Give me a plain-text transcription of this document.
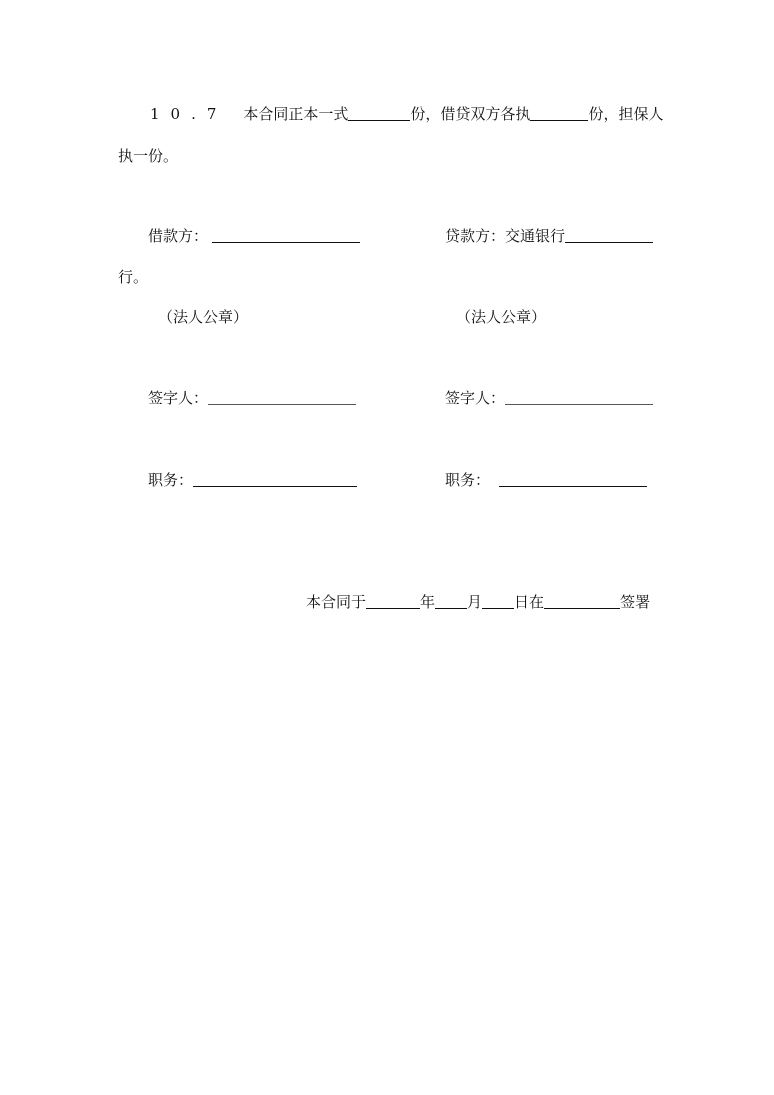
10.7 本合同正本一式	份，借贷双方各执	份，担保人
执一份。
借款方：	贷款方：交通银行
行。
（法人公章）	（法人公章）
签字人：	签字人：
职务：	职务：
本合同于	年 月 日在	签署
